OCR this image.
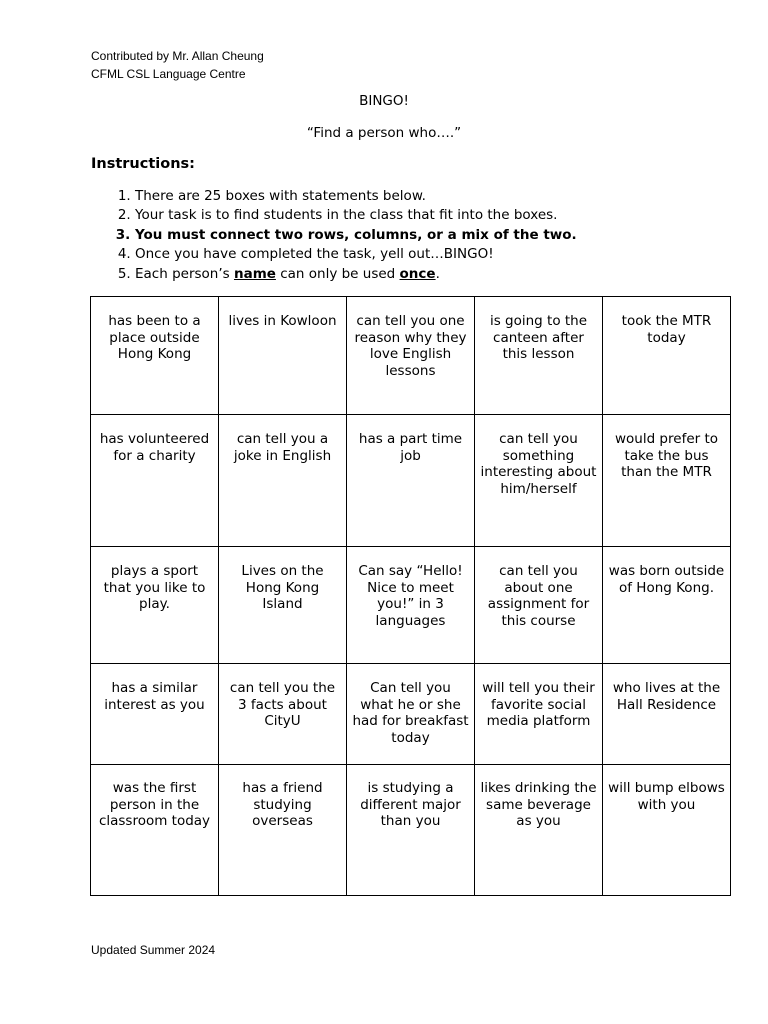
Contributed by Mr. Allan Cheung
CFML CSL Language Centre
BINGO!
“Find a person who….”
Instructions:
1. There are 25 boxes with statements below.
2. Your task is to find students in the class that fit into the boxes.
3. You must connect two rows, columns, or a mix of the two.
4. Once you have completed the task, yell out…BINGO!
5. Each person’s name can only be used once.
has been to a place outside Hong Kong	lives in Kowloon	can tell you one reason why they love English lessons	is going to the canteen after this lesson	took the MTR today
has volunteered for a charity	can tell you a joke in English	has a part time job	can tell you something interesting about him/herself	would prefer to take the bus than the MTR
plays a sport that you like to play.	Lives on the Hong Kong Island	Can say “Hello! Nice to meet you!” in 3 languages	can tell you about one assignment for this course	was born outside of Hong Kong.
has a similar interest as you	can tell you the 3 facts about CityU	Can tell you what he or she had for breakfast today	will tell you their favorite social media platform	who lives at the Hall Residence
was the first person in the classroom today	has a friend studying overseas	is studying a different major than you	likes drinking the same beverage as you	will bump elbows with you
Updated Summer 2024
